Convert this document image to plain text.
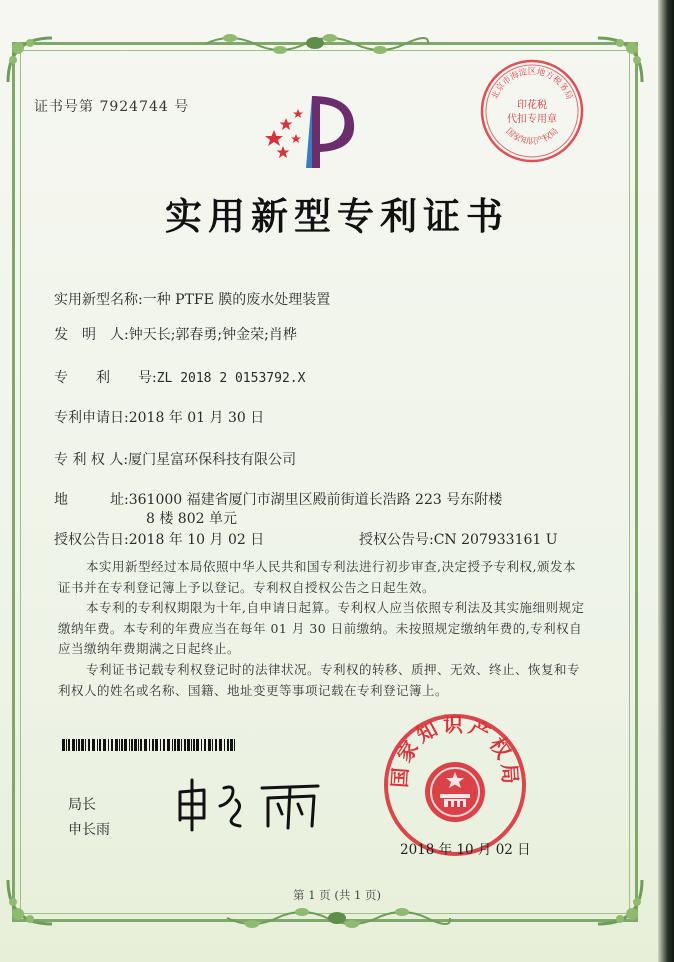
证书号第 7924744 号
北京市海淀区地方税务局
印花税
代扣专用章
国家知识产权局
实用新型专利证书
实用新型名称:一种 PTFE 膜的废水处理装置
发　明　人:钟天长;郭春勇;钟金荣;肖桦
专　　利　　号:ZL 2018 2 0153792.X
专利申请日:2018 年 01 月 30 日
专 利 权 人:厦门星富环保科技有限公司
地　　　址:361000 福建省厦门市湖里区殿前街道长浩路 223 号东附楼
8 楼 802 单元
授权公告日:2018 年 10 月 02 日	授权公告号:CN 207933161 U
本实用新型经过本局依照中华人民共和国专利法进行初步审查,决定授予专利权,颁发本证书并在专利登记簿上予以登记。专利权自授权公告之日起生效。
本专利的专利权期限为十年,自申请日起算。专利权人应当依照专利法及其实施细则规定缴纳年费。本专利的年费应当在每年 01 月 30 日前缴纳。未按照规定缴纳年费的,专利权自应当缴纳年费期满之日起终止。
专利证书记载专利权登记时的法律状况。专利权的转移、质押、无效、终止、恢复和专利权人的姓名或名称、国籍、地址变更等事项记载在专利登记簿上。
局长
申长雨
国家知识产权局
2018 年 10 月 02 日
第 1 页 (共 1 页)
